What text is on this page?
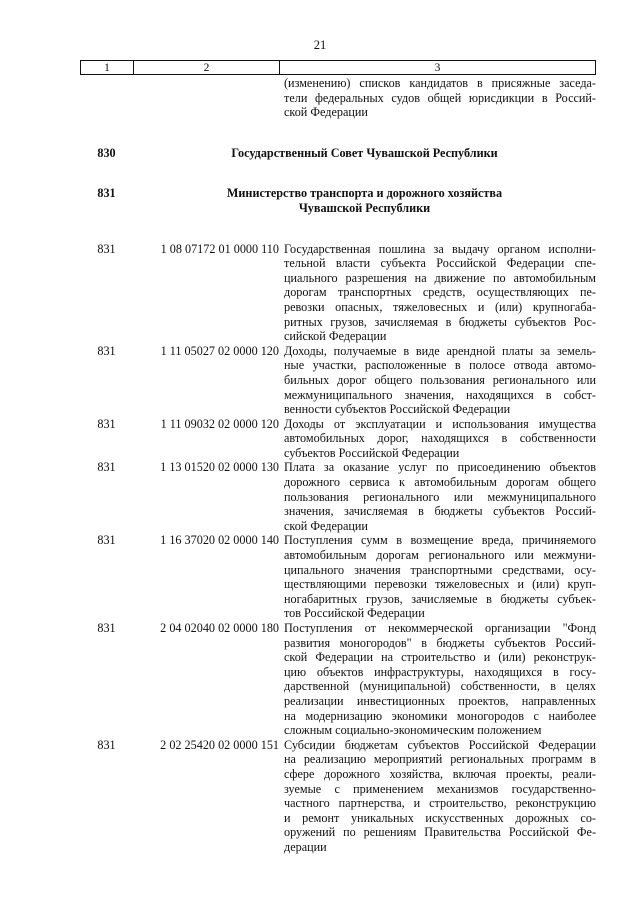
21
1	2	3
(изменению) списков кандидатов в присяжные заседа-
тели федеральных судов общей юрисдикции в Россий-
ской Федерации
830	Государственный Совет Чувашской Республики
831	Министерство транспорта и дорожного хозяйства
Чувашской Республики
831	1 08 07172 01 0000 110 Государственная пошлина за выдачу органом исполни-
тельной власти субъекта Российской Федерации спе-
циального разрешения на движение по автомобильным
дорогам транспортных средств, осуществляющих пе-
ревозки опасных, тяжеловесных и (или) крупногаба-
ритных грузов, зачисляемая в бюджеты субъектов Рос-
сийской Федерации
831	1 11 05027 02 0000 120 Доходы, получаемые в виде арендной платы за земель-
ные участки, расположенные в полосе отвода автомо-
бильных дорог общего пользования регионального или
межмуниципального значения, находящихся в собст-
венности субъектов Российской Федерации
831	1 11 09032 02 0000 120 Доходы от эксплуатации и использования имущества
автомобильных дорог, находящихся в собственности
субъектов Российской Федерации
831	1 13 01520 02 0000 130 Плата за оказание услуг по присоединению объектов
дорожного сервиса к автомобильным дорогам общего
пользования регионального или межмуниципального
значения, зачисляемая в бюджеты субъектов Россий-
ской Федерации
831	1 16 37020 02 0000 140 Поступления сумм в возмещение вреда, причиняемого
автомобильным дорогам регионального или межмуни-
ципального значения транспортными средствами, осу-
ществляющими перевозки тяжеловесных и (или) круп-
ногабаритных грузов, зачисляемые в бюджеты субъек-
тов Российской Федерации
831	2 04 02040 02 0000 180 Поступления от некоммерческой организации "Фонд
развития моногородов" в бюджеты субъектов Россий-
ской Федерации на строительство и (или) реконструк-
цию объектов инфраструктуры, находящихся в госу-
дарственной (муниципальной) собственности, в целях
реализации инвестиционных проектов, направленных
на модернизацию экономики моногородов с наиболее
сложным социально-экономическим положением
831	2 02 25420 02 0000 151 Субсидии бюджетам субъектов Российской Федерации
на реализацию мероприятий региональных программ в
сфере дорожного хозяйства, включая проекты, реали-
зуемые с применением механизмов государственно-
частного партнерства, и строительство, реконструкцию
и ремонт уникальных искусственных дорожных со-
оружений по решениям Правительства Российской Фе-
дерации
